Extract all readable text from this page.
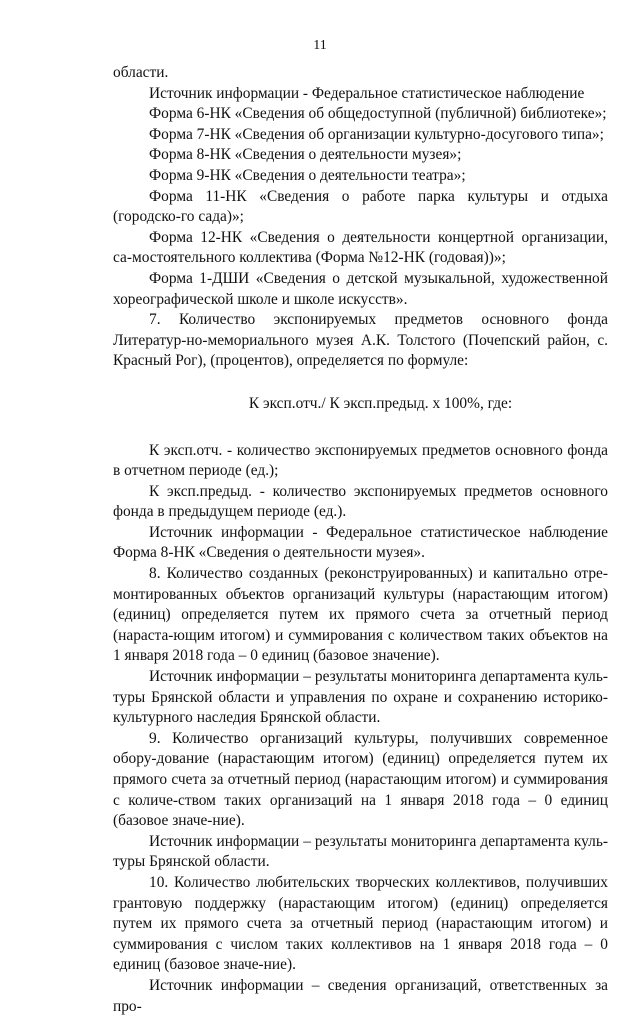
11

области.

Источник информации - Федеральное статистическое наблюдение

Форма 6-НК «Сведения об общедоступной (публичной) библиотеке»;

Форма 7-НК «Сведения об организации культурно-досугового типа»;

Форма 8-НК «Сведения о деятельности музея»;

Форма 9-НК «Сведения о деятельности театра»;

Форма 11-НК «Сведения о работе парка культуры и отдыха (городско-го сада)»;

Форма 12-НК «Сведения о деятельности концертной организации, са-мостоятельного коллектива (Форма №12-НК (годовая))»;

Форма 1-ДШИ «Сведения о детской музыкальной, художественной хореографической школе и школе искусств».

7. Количество экспонируемых предметов основного фонда Литератур-но-мемориального музея А.К. Толстого (Почепский район, с. Красный Рог), (процентов), определяется по формуле:

К эксп.отч./ К эксп.предыд. х 100%, где:

К эксп.отч. - количество экспонируемых предметов основного фонда в отчетном периоде (ед.);

К эксп.предыд. - количество экспонируемых предметов основного фонда в предыдущем периоде (ед.).

Источник информации - Федеральное статистическое наблюдение Форма 8-НК «Сведения о деятельности музея».

8. Количество созданных (реконструированных) и капитально отре-монтированных объектов организаций культуры (нарастающим итогом) (единиц) определяется путем их прямого счета за отчетный период (нараста-ющим итогом) и суммирования с количеством таких объектов на 1 января 2018 года – 0 единиц (базовое значение).

Источник информации – результаты мониторинга департамента куль-туры Брянской области и управления по охране и сохранению историко-культурного наследия Брянской области.

9. Количество организаций культуры, получивших современное обору-дование (нарастающим итогом) (единиц) определяется путем их прямого счета за отчетный период (нарастающим итогом) и суммирования с количе-ством таких организаций на 1 января 2018 года – 0 единиц (базовое значе-ние).

Источник информации – результаты мониторинга департамента куль-туры Брянской области.

10. Количество любительских творческих коллективов, получивших грантовую поддержку (нарастающим итогом) (единиц) определяется путем их прямого счета за отчетный период (нарастающим итогом) и суммирования с числом таких коллективов на 1 января 2018 года – 0 единиц (базовое значе-ние).

Источник информации – сведения организаций, ответственных за про-
